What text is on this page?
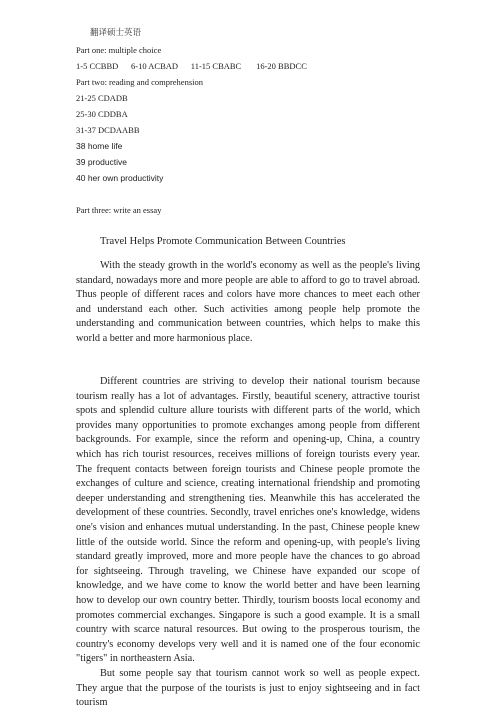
翻译硕士英语
Part one: multiple choice
1-5 CCBBD      6-10 ACBAD      11-15 CBABC       16-20 BBDCC
Part two: reading and comprehension
21-25 CDADB
25-30 CDDBA
31-37 DCDAABB
38 home life
39 productive
40 her own productivity
Part three: write an essay
Travel Helps Promote Communication Between Countries

With the steady growth in the world's economy as well as the people's living standard, nowadays more and more people are able to afford to go to travel abroad. Thus people of different races and colors have more chances to meet each other and understand each other. Such activities among people help promote the understanding and communication between countries, which helps to make this world a better and more harmonious place.

Different countries are striving to develop their national tourism because tourism really has a lot of advantages. Firstly, beautiful scenery, attractive tourist spots and splendid culture allure tourists with different parts of the world, which provides many opportunities to promote exchanges among people from different backgrounds. For example, since the reform and opening-up, China, a country which has rich tourist resources, receives millions of foreign tourists every year. The frequent contacts between foreign tourists and Chinese people promote the exchanges of culture and science, creating international friendship and promoting deeper understanding and strengthening ties. Meanwhile this has accelerated the development of these countries. Secondly, travel enriches one's knowledge, widens one's vision and enhances mutual understanding. In the past, Chinese people knew little of the outside world. Since the reform and opening-up, with people's living standard greatly improved, more and more people have the chances to go abroad for sightseeing. Through traveling, we Chinese have expanded our scope of knowledge, and we have come to know the world better and have been learning how to develop our own country better. Thirdly, tourism boosts local economy and promotes commercial exchanges. Singapore is such a good example. It is a small country with scarce natural resources. But owing to the prosperous tourism, the country's economy develops very well and it is named one of the four economic "tigers" in northeastern Asia.

But some people say that tourism cannot work so well as people expect. They argue that the purpose of the tourists is just to enjoy sightseeing and in fact tourism
